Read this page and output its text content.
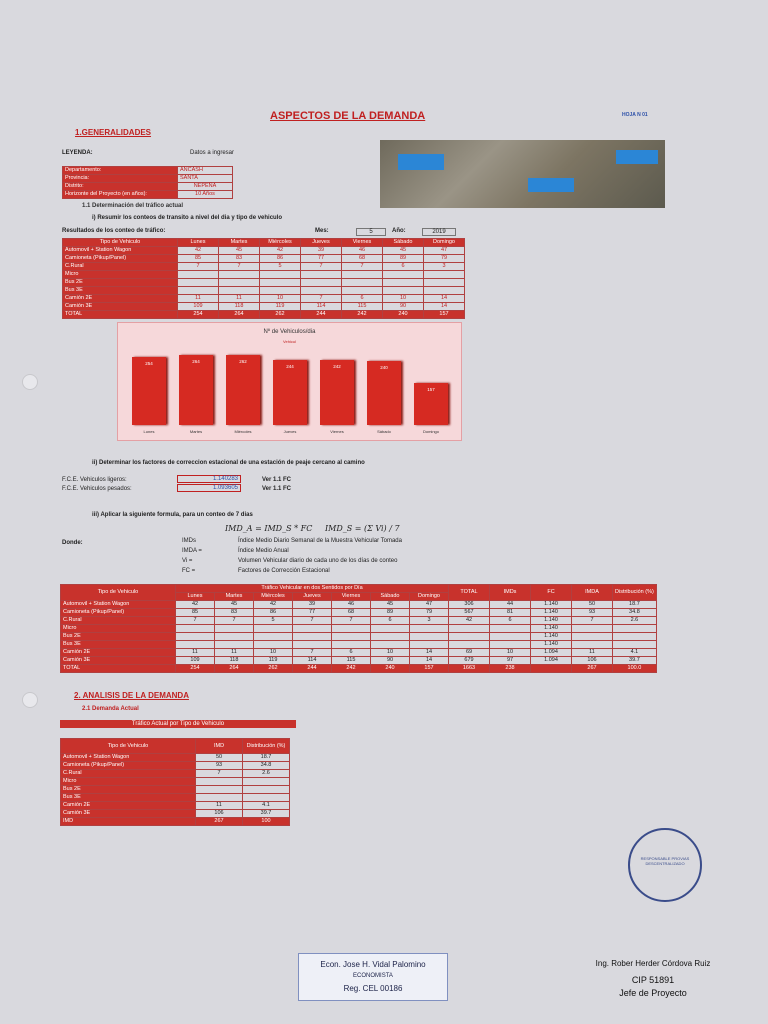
ASPECTOS DE LA DEMANDA	HOJA N 01
1.GENERALIDADES
LEYENDA:	Datos a ingresar
Departamento:	ANCASH
Provincia:	SANTA
Distrito:	NEPEÑA
Horizonte del Proyecto (en años):	10 Años
1.1 Determinación del tráfico actual
i) Resumir los conteos de transito a nivel del dia y tipo de vehiculo
Resultados de los conteo de tráfico:	Mes:	5	Año:	2019
Tipo de Vehiculo	Lunes	Martes	Miércoles	Jueves	Viernes	Sábado	Domingo
Automovil + Station Wagon	42	45	42	39	46	45	47
Camioneta (Pikup/Panel)	85	83	86	77	68	89	79
C.Rural	7	7	5	7	7	6	3
Micro							
Bus 2E							
Bus 3E							
Camión 2E	11	11	10	7	6	10	14
Camión 3E	109	118	119	114	115	90	14
TOTAL	254	264	262	244	242	240	157
Nº de Vehiculos/dia
Vehicul
254
Lunes
264
Martes
262
Miércoles
244
Jueves
242
Viernes
240
Sábado
157
Domingo
ii) Determinar los factores de correccion estacional de una estación de peaje cercano al camino
F.C.E. Vehiculos ligeros:	1.140283	Ver 1.1 FC
F.C.E. Vehiculos pesados:	1.093605	Ver 1.1 FC
iii) Aplicar la siguiente formula, para un conteo de 7 dias
IMD_A = IMD_S * FC IMD_S = (Σ Vi) / 7
Donde:	IMDs	Índice Medio Diario Semanal de la Muestra Vehicular Tomada
IMDA =	Índice Medio Anual
Vi =	Volumen Vehicular diario de cada uno de los días de conteo
FC =	Factores de Corrección Estacional
Tipo de Vehiculo	Tráfico Vehicular en dos Sentidos por Día							TOTAL	IMDs	FC	IMDA	Distribución (%)
	Lunes	Martes	Miércoles	Jueves	Viernes	Sábado	Domingo					
Automovil + Station Wagon	42	45	42	39	46	45	47	306	44	1.140	50	18.7
Camioneta (Pikup/Panel)	85	83	86	77	68	89	79	567	81	1.140	93	34.8
C.Rural	7	7	5	7	7	6	3	42	6	1.140	7	2.6
Micro										1.140		
Bus 2E										1.140		
Bus 3E										1.140		
Camión 2E	11	11	10	7	6	10	14	69	10	1.094	11	4.1
Camión 3E	109	118	119	114	115	90	14	679	97	1.094	106	39.7
TOTAL	254	264	262	244	242	240	157	1663	238		267	100.0
2. ANALISIS DE LA DEMANDA
2.1 Demanda Actual
Tráfico Actual por Tipo de Vehiculo
Tipo de Vehiculo	IMD	Distribución (%)
Automovil + Station Wagon	50	18.7
Camioneta (Pikup/Panel)	93	34.8
C.Rural	7	2.6
Micro		
Bus 2E		
Bus 3E		
Camión 2E	11	4.1
Camión 3E	106	39.7
IMD	267	100
RESPONSABLE PROVIAS DESCENTRALIZADO
Econ. Jose H. Vidal Palomino
ECONOMISTA
Reg. CEL 00186
Ing. Rober Herder Córdova Ruiz
CIP 51891
Jefe de Proyecto
